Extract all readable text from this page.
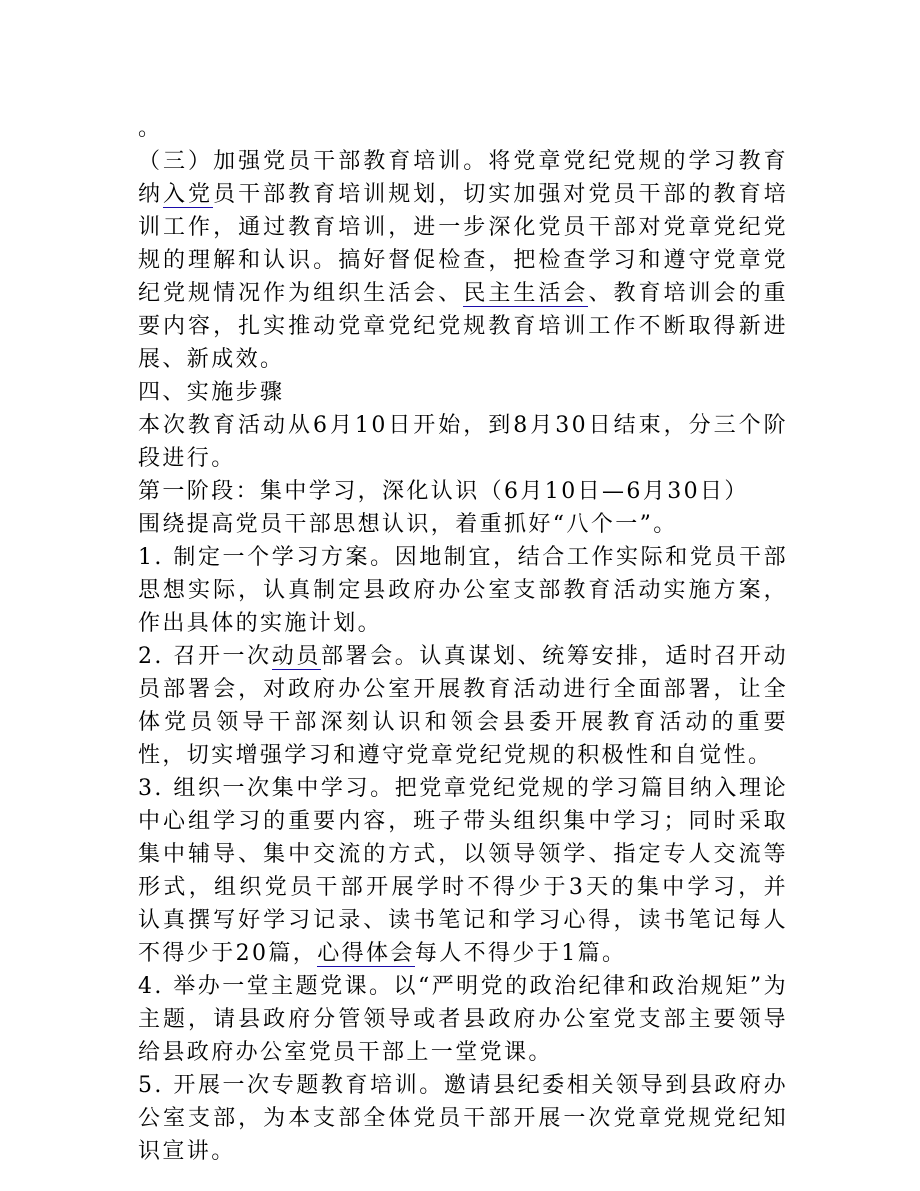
。

（三）加强党员干部教育培训。将党章党纪党规的学习教育纳入党员干部教育培训规划，切实加强对党员干部的教育培训工作，通过教育培训，进一步深化党员干部对党章党纪党规的理解和认识。搞好督促检查，把检查学习和遵守党章党纪党规情况作为组织生活会、民主生活会、教育培训会的重要内容，扎实推动党章党纪党规教育培训工作不断取得新进展、新成效。

四、实施步骤

本次教育活动从6月10日开始，到8月30日结束，分三个阶段进行。

第一阶段：集中学习，深化认识（6月10日—6月30日）

围绕提高党员干部思想认识，着重抓好“八个一”。

1. 制定一个学习方案。因地制宜，结合工作实际和党员干部思想实际，认真制定县政府办公室支部教育活动实施方案，作出具体的实施计划。

2. 召开一次动员部署会。认真谋划、统筹安排，适时召开动员部署会，对政府办公室开展教育活动进行全面部署，让全体党员领导干部深刻认识和领会县委开展教育活动的重要性，切实增强学习和遵守党章党纪党规的积极性和自觉性。

3. 组织一次集中学习。把党章党纪党规的学习篇目纳入理论中心组学习的重要内容，班子带头组织集中学习；同时采取集中辅导、集中交流的方式，以领导领学、指定专人交流等形式，组织党员干部开展学时不得少于3天的集中学习，并认真撰写好学习记录、读书笔记和学习心得，读书笔记每人不得少于20篇，心得体会每人不得少于1篇。

4. 举办一堂主题党课。以“严明党的政治纪律和政治规矩”为主题，请县政府分管领导或者县政府办公室党支部主要领导给县政府办公室党员干部上一堂党课。

5. 开展一次专题教育培训。邀请县纪委相关领导到县政府办公室支部，为本支部全体党员干部开展一次党章党规党纪知识宣讲。
